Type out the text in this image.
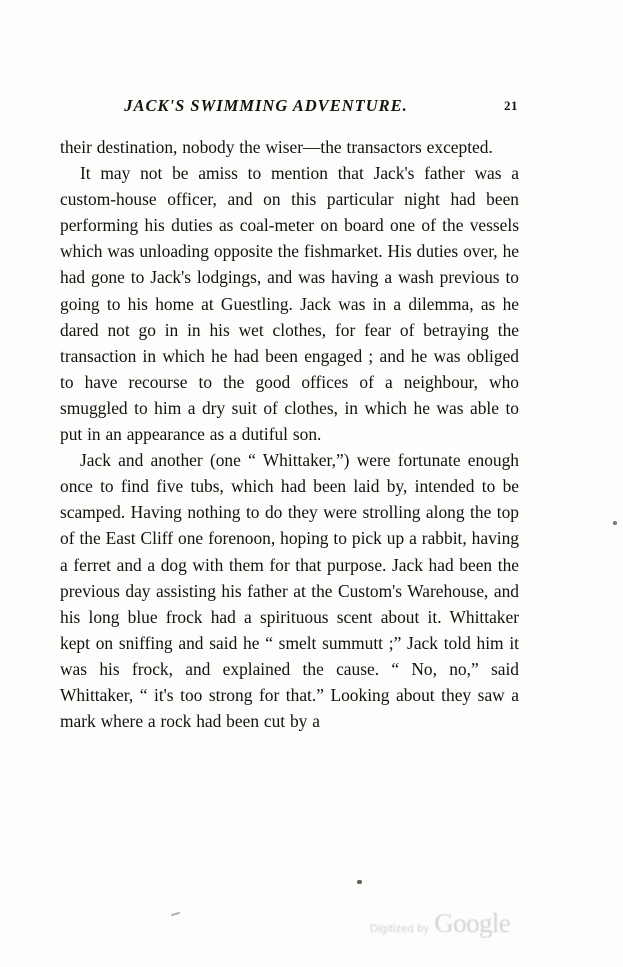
JACK'S SWIMMING ADVENTURE.	21

their destination, nobody the wiser—the transactors excepted.

It may not be amiss to mention that Jack's father was a custom-house officer, and on this particular night had been performing his duties as coal-meter on board one of the vessels which was unloading opposite the fishmarket. His duties over, he had gone to Jack's lodgings, and was having a wash previous to going to his home at Guestling. Jack was in a dilemma, as he dared not go in in his wet clothes, for fear of betraying the transaction in which he had been engaged ; and he was obliged to have recourse to the good offices of a neighbour, who smuggled to him a dry suit of clothes, in which he was able to put in an appearance as a dutiful son.

Jack and another (one “ Whittaker,”) were fortunate enough once to find five tubs, which had been laid by, intended to be scamped. Having nothing to do they were strolling along the top of the East Cliff one forenoon, hoping to pick up a rabbit, having a ferret and a dog with them for that purpose. Jack had been the previous day assisting his father at the Custom's Warehouse, and his long blue frock had a spirituous scent about it. Whittaker kept on sniffing and said he “ smelt summutt ;” Jack told him it was his frock, and explained the cause. “ No, no,” said Whittaker, “ it's too strong for that.” Looking about they saw a mark where a rock had been cut by a

Digitized by Google
